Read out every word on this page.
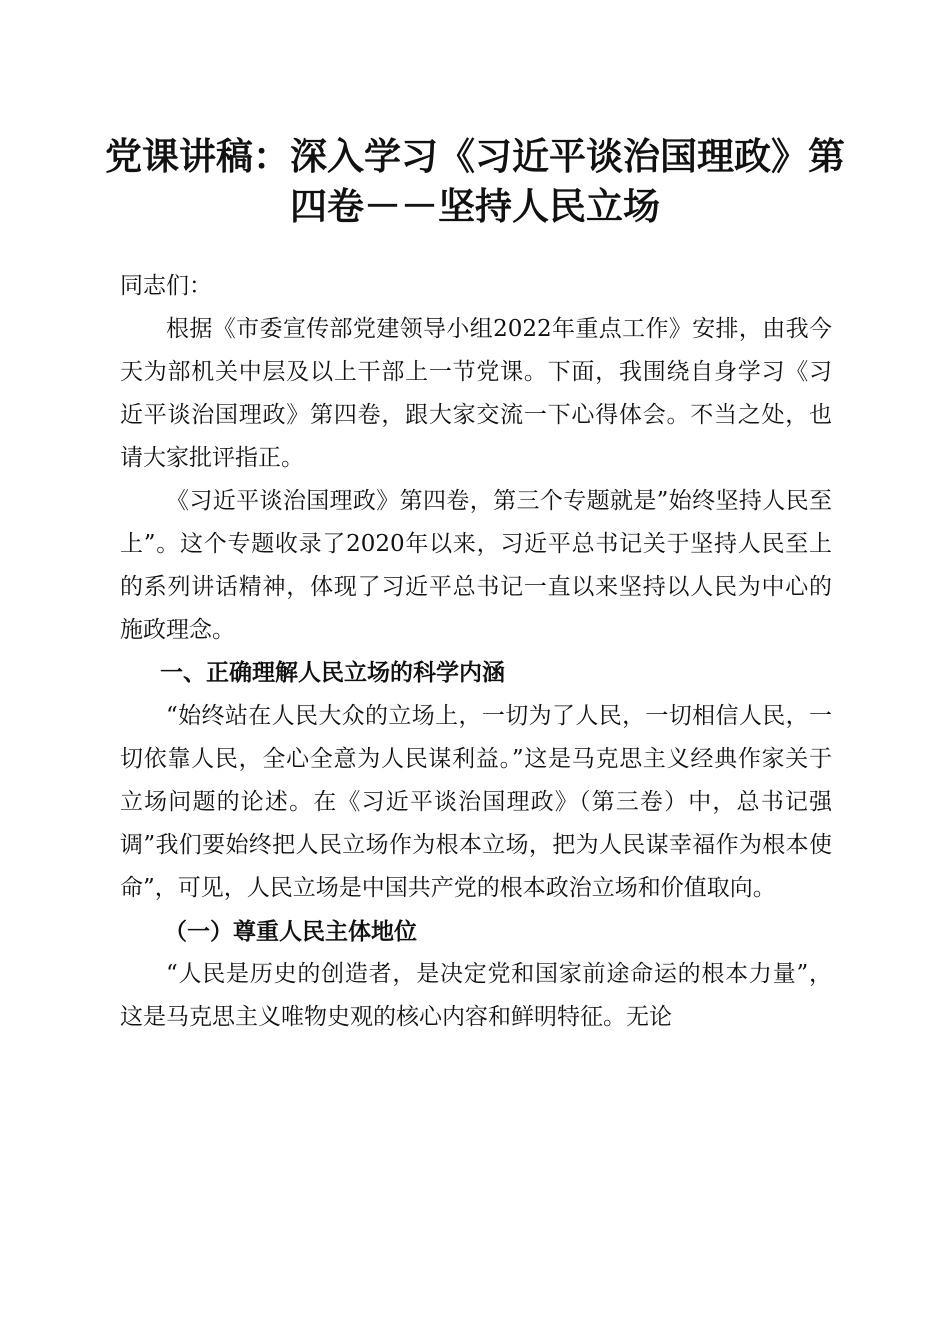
党课讲稿：深入学习《习近平谈治国理政》第
四卷－－坚持人民立场

同志们：

根据《市委宣传部党建领导小组2022年重点工作》安排，由我今天为部机关中层及以上干部上一节党课。下面，我围绕自身学习《习近平谈治国理政》第四卷，跟大家交流一下心得体会。不当之处，也请大家批评指正。

《习近平谈治国理政》第四卷，第三个专题就是”始终坚持人民至上”。这个专题收录了2020年以来，习近平总书记关于坚持人民至上的系列讲话精神，体现了习近平总书记一直以来坚持以人民为中心的施政理念。

一、正确理解人民立场的科学内涵

“始终站在人民大众的立场上，一切为了人民，一切相信人民，一切依靠人民，全心全意为人民谋利益。”这是马克思主义经典作家关于立场问题的论述。在《习近平谈治国理政》（第三卷）中，总书记强调”我们要始终把人民立场作为根本立场，把为人民谋幸福作为根本使命”，可见，人民立场是中国共产党的根本政治立场和价值取向。

（一）尊重人民主体地位

“人民是历史的创造者，是决定党和国家前途命运的根本力量”，这是马克思主义唯物史观的核心内容和鲜明特征。无论
